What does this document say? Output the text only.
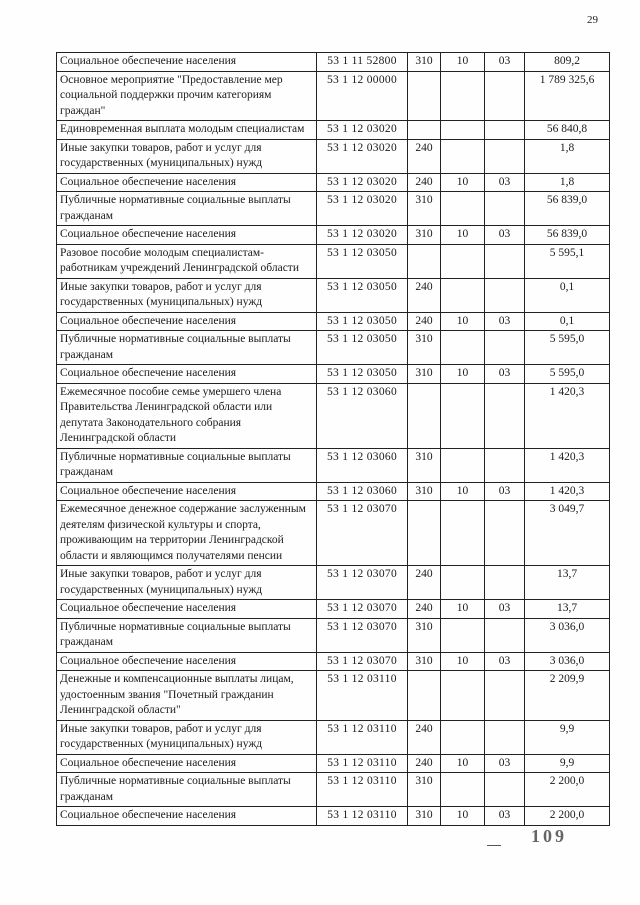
29
Социальное обеспечение населения	53 1 11 52800	310	10	03	809,2
Основное мероприятие "Предоставление мер социальной поддержки прочим категориям граждан"	53 1 12 00000				1 789 325,6
Единовременная выплата молодым специалистам	53 1 12 03020				56 840,8
Иные закупки товаров, работ и услуг для государственных (муниципальных) нужд	53 1 12 03020	240			1,8
Социальное обеспечение населения	53 1 12 03020	240	10	03	1,8
Публичные нормативные социальные выплаты гражданам	53 1 12 03020	310			56 839,0
Социальное обеспечение населения	53 1 12 03020	310	10	03	56 839,0
Разовое пособие молодым специалистам-работникам учреждений Ленинградской области	53 1 12 03050				5 595,1
Иные закупки товаров, работ и услуг для государственных (муниципальных) нужд	53 1 12 03050	240			0,1
Социальное обеспечение населения	53 1 12 03050	240	10	03	0,1
Публичные нормативные социальные выплаты гражданам	53 1 12 03050	310			5 595,0
Социальное обеспечение населения	53 1 12 03050	310	10	03	5 595,0
Ежемесячное пособие семье умершего члена Правительства Ленинградской области или депутата Законодательного собрания Ленинградской области	53 1 12 03060				1 420,3
Публичные нормативные социальные выплаты гражданам	53 1 12 03060	310			1 420,3
Социальное обеспечение населения	53 1 12 03060	310	10	03	1 420,3
Ежемесячное денежное содержание заслуженным деятелям физической культуры и спорта, проживающим на территории Ленинградской области и являющимся получателями пенсии	53 1 12 03070				3 049,7
Иные закупки товаров, работ и услуг для государственных (муниципальных) нужд	53 1 12 03070	240			13,7
Социальное обеспечение населения	53 1 12 03070	240	10	03	13,7
Публичные нормативные социальные выплаты гражданам	53 1 12 03070	310			3 036,0
Социальное обеспечение населения	53 1 12 03070	310	10	03	3 036,0
Денежные и компенсационные выплаты лицам, удостоенным звания "Почетный гражданин Ленинградской области"	53 1 12 03110				2 209,9
Иные закупки товаров, работ и услуг для государственных (муниципальных) нужд	53 1 12 03110	240			9,9
Социальное обеспечение населения	53 1 12 03110	240	10	03	9,9
Публичные нормативные социальные выплаты гражданам	53 1 12 03110	310			2 200,0
Социальное обеспечение населения	53 1 12 03110	310	10	03	2 200,0
109
